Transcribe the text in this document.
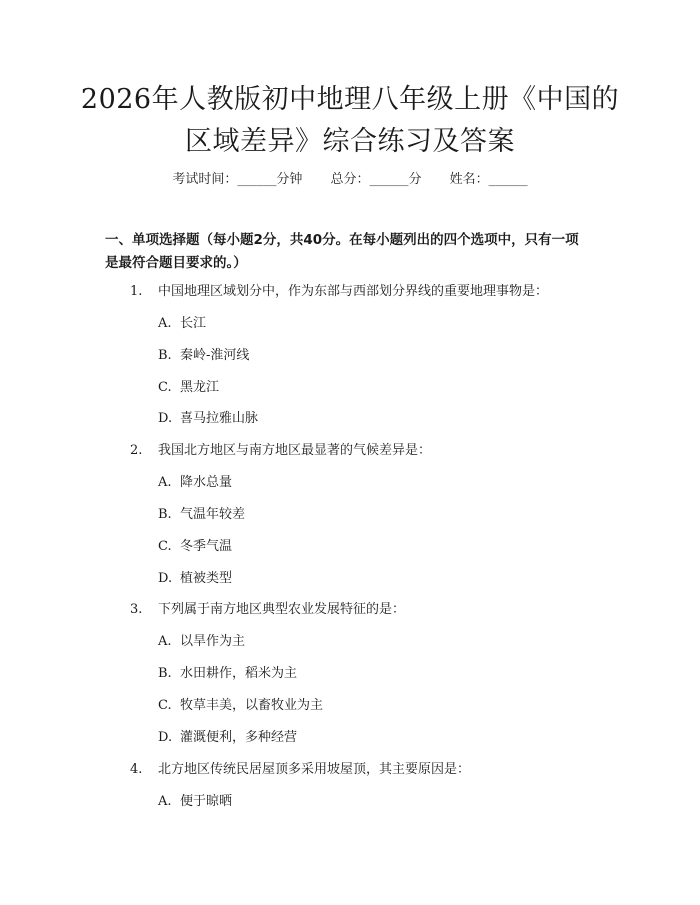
2026年人教版初中地理八年级上册《中国的
区域差异》综合练习及答案
考试时间：______分钟 总分：______分 姓名：______
一、单项选择题（每小题2分，共40分。在每小题列出的四个选项中，只有一项
是最符合题目要求的。）
1. 中国地理区域划分中，作为东部与西部划分界线的重要地理事物是：
A. 长江
B. 秦岭-淮河线
C. 黑龙江
D. 喜马拉雅山脉
2. 我国北方地区与南方地区最显著的气候差异是：
A. 降水总量
B. 气温年较差
C. 冬季气温
D. 植被类型
3. 下列属于南方地区典型农业发展特征的是：
A. 以旱作为主
B. 水田耕作，稻米为主
C. 牧草丰美，以畜牧业为主
D. 灌溉便利，多种经营
4. 北方地区传统民居屋顶多采用坡屋顶，其主要原因是：
A. 便于晾晒
